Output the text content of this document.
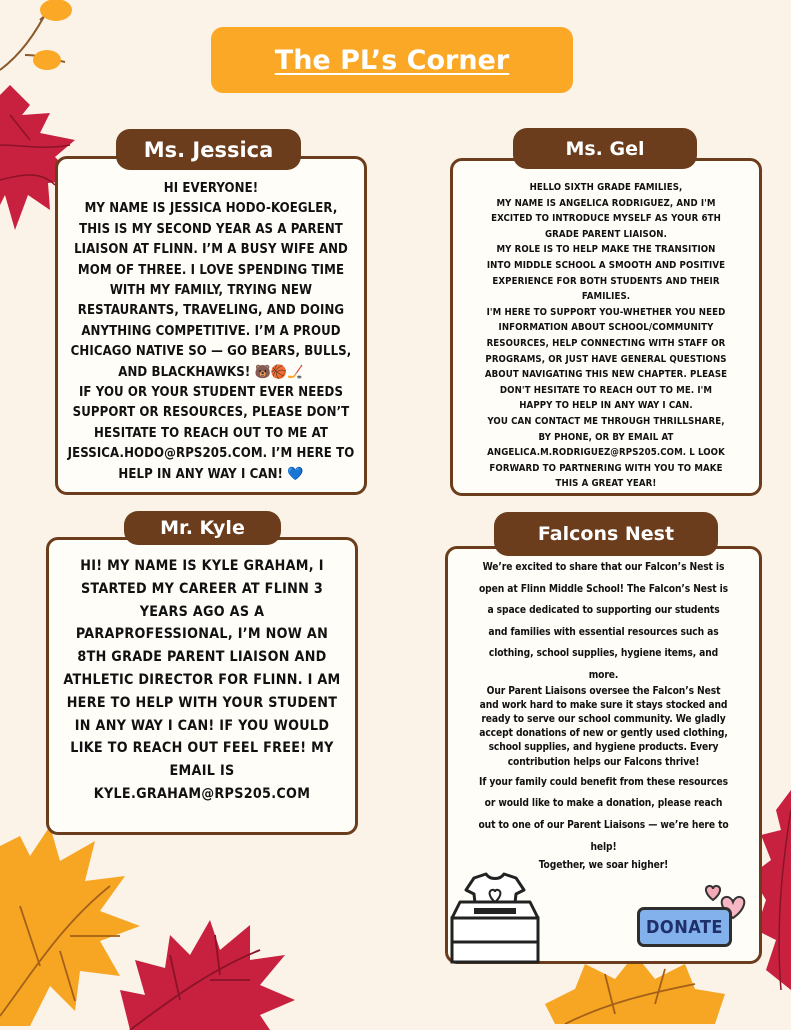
The PL’s Corner

HI EVERYONE!
MY NAME IS JESSICA HODO-KOEGLER,
THIS IS MY SECOND YEAR AS A PARENT
LIAISON AT FLINN. I’M A BUSY WIFE AND
MOM OF THREE. I LOVE SPENDING TIME
WITH MY FAMILY, TRYING NEW
RESTAURANTS, TRAVELING, AND DOING
ANYTHING COMPETITIVE. I’M A PROUD
CHICAGO NATIVE SO — GO BEARS, BULLS,
AND BLACKHAWKS! 🐻🏀🏒
IF YOU OR YOUR STUDENT EVER NEEDS
SUPPORT OR RESOURCES, PLEASE DON’T
HESITATE TO REACH OUT TO ME AT
JESSICA.HODO@RPS205.COM. I’M HERE TO
HELP IN ANY WAY I CAN! 💙

Ms. Jessica

HELLO SIXTH GRADE FAMILIES,
MY NAME IS ANGELICA RODRIGUEZ, AND I'M
EXCITED TO INTRODUCE MYSELF AS YOUR 6TH
GRADE PARENT LIAISON.
MY ROLE IS TO HELP MAKE THE TRANSITION
INTO MIDDLE SCHOOL A SMOOTH AND POSITIVE
EXPERIENCE FOR BOTH STUDENTS AND THEIR
FAMILIES.
I'M HERE TO SUPPORT YOU-WHETHER YOU NEED
INFORMATION ABOUT SCHOOL/COMMUNITY
RESOURCES, HELP CONNECTING WITH STAFF OR
PROGRAMS, OR JUST HAVE GENERAL QUESTIONS
ABOUT NAVIGATING THIS NEW CHAPTER. PLEASE
DON'T HESITATE TO REACH OUT TO ME. I'M
HAPPY TO HELP IN ANY WAY I CAN.
YOU CAN CONTACT ME THROUGH THRILLSHARE,
BY PHONE, OR BY EMAIL AT
ANGELICA.M.RODRIGUEZ@RPS205.COM. L LOOK
FORWARD TO PARTNERING WITH YOU TO MAKE
THIS A GREAT YEAR!

Ms. Gel

HI! MY NAME IS KYLE GRAHAM, I
STARTED MY CAREER AT FLINN 3
YEARS AGO AS A
PARAPROFESSIONAL, I’M NOW AN
8TH GRADE PARENT LIAISON AND
ATHLETIC DIRECTOR FOR FLINN. I AM
HERE TO HELP WITH YOUR STUDENT
IN ANY WAY I CAN! IF YOU WOULD
LIKE TO REACH OUT FEEL FREE! MY
EMAIL IS
KYLE.GRAHAM@RPS205.COM

Mr. Kyle

We’re excited to share that our Falcon’s Nest is
open at Flinn Middle School! The Falcon’s Nest is
a space dedicated to supporting our students
and families with essential resources such as
clothing, school supplies, hygiene items, and
more.

Our Parent Liaisons oversee the Falcon’s Nest
and work hard to make sure it stays stocked and
ready to serve our school community. We gladly
accept donations of new or gently used clothing,
school supplies, and hygiene products. Every
contribution helps our Falcons thrive!

If your family could benefit from these resources
or would like to make a donation, please reach
out to one of our Parent Liaisons — we’re here to
help!

Together, we soar higher!

Falcons Nest
DONATE
